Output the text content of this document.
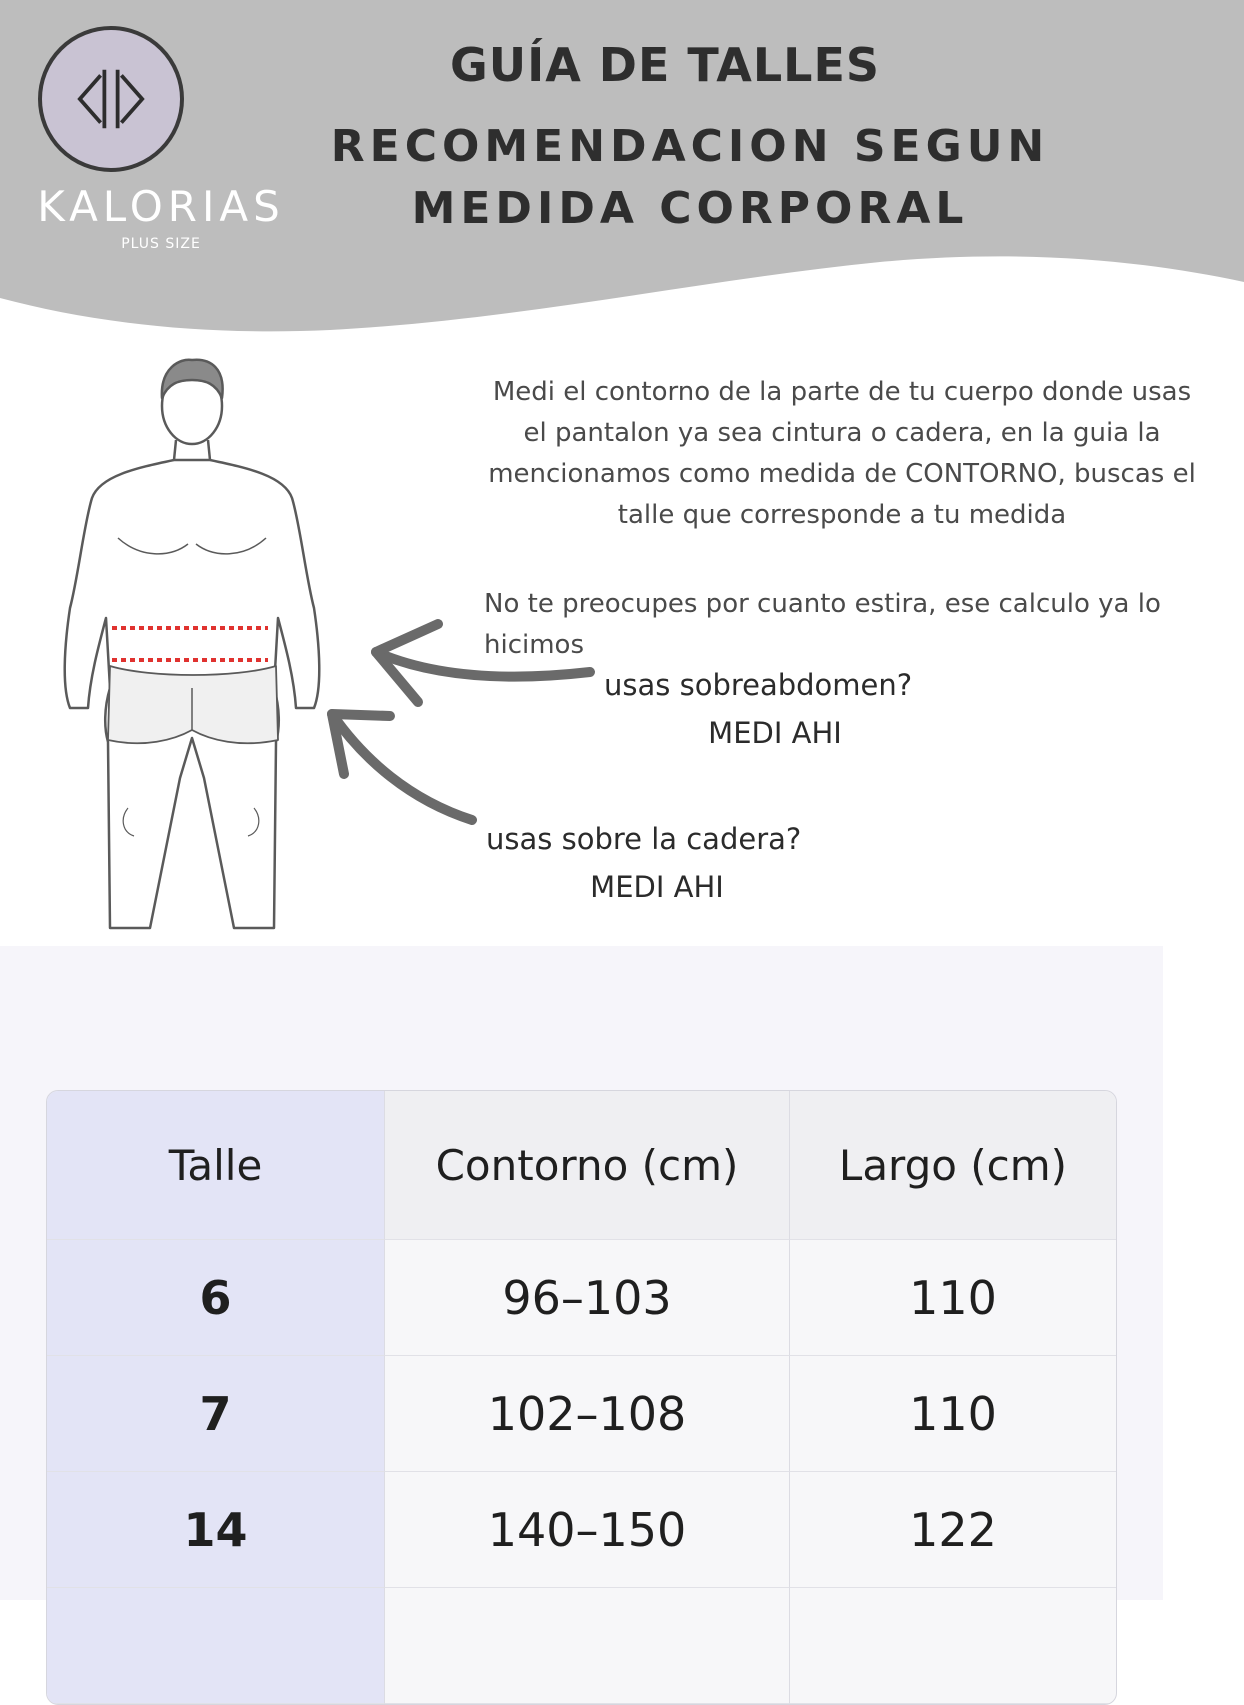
KALORIAS
PLUS SIZE
GUÍA DE TALLES
RECOMENDACION SEGUN
MEDIDA CORPORAL

Medi el contorno de la parte de tu cuerpo donde usas el pantalon ya sea cintura o cadera, en la guia la mencionamos como medida de CONTORNO, buscas el talle que corresponde a tu medida

No te preocupes por cuanto estira, ese calculo ya lo hicimos

usas sobreabdomen?

MEDI AHI

usas sobre la cadera?

MEDI AHI

Talle	Contorno (cm)	Largo (cm)
6	96–103	110
7	102–108	110
14	140–150	122
